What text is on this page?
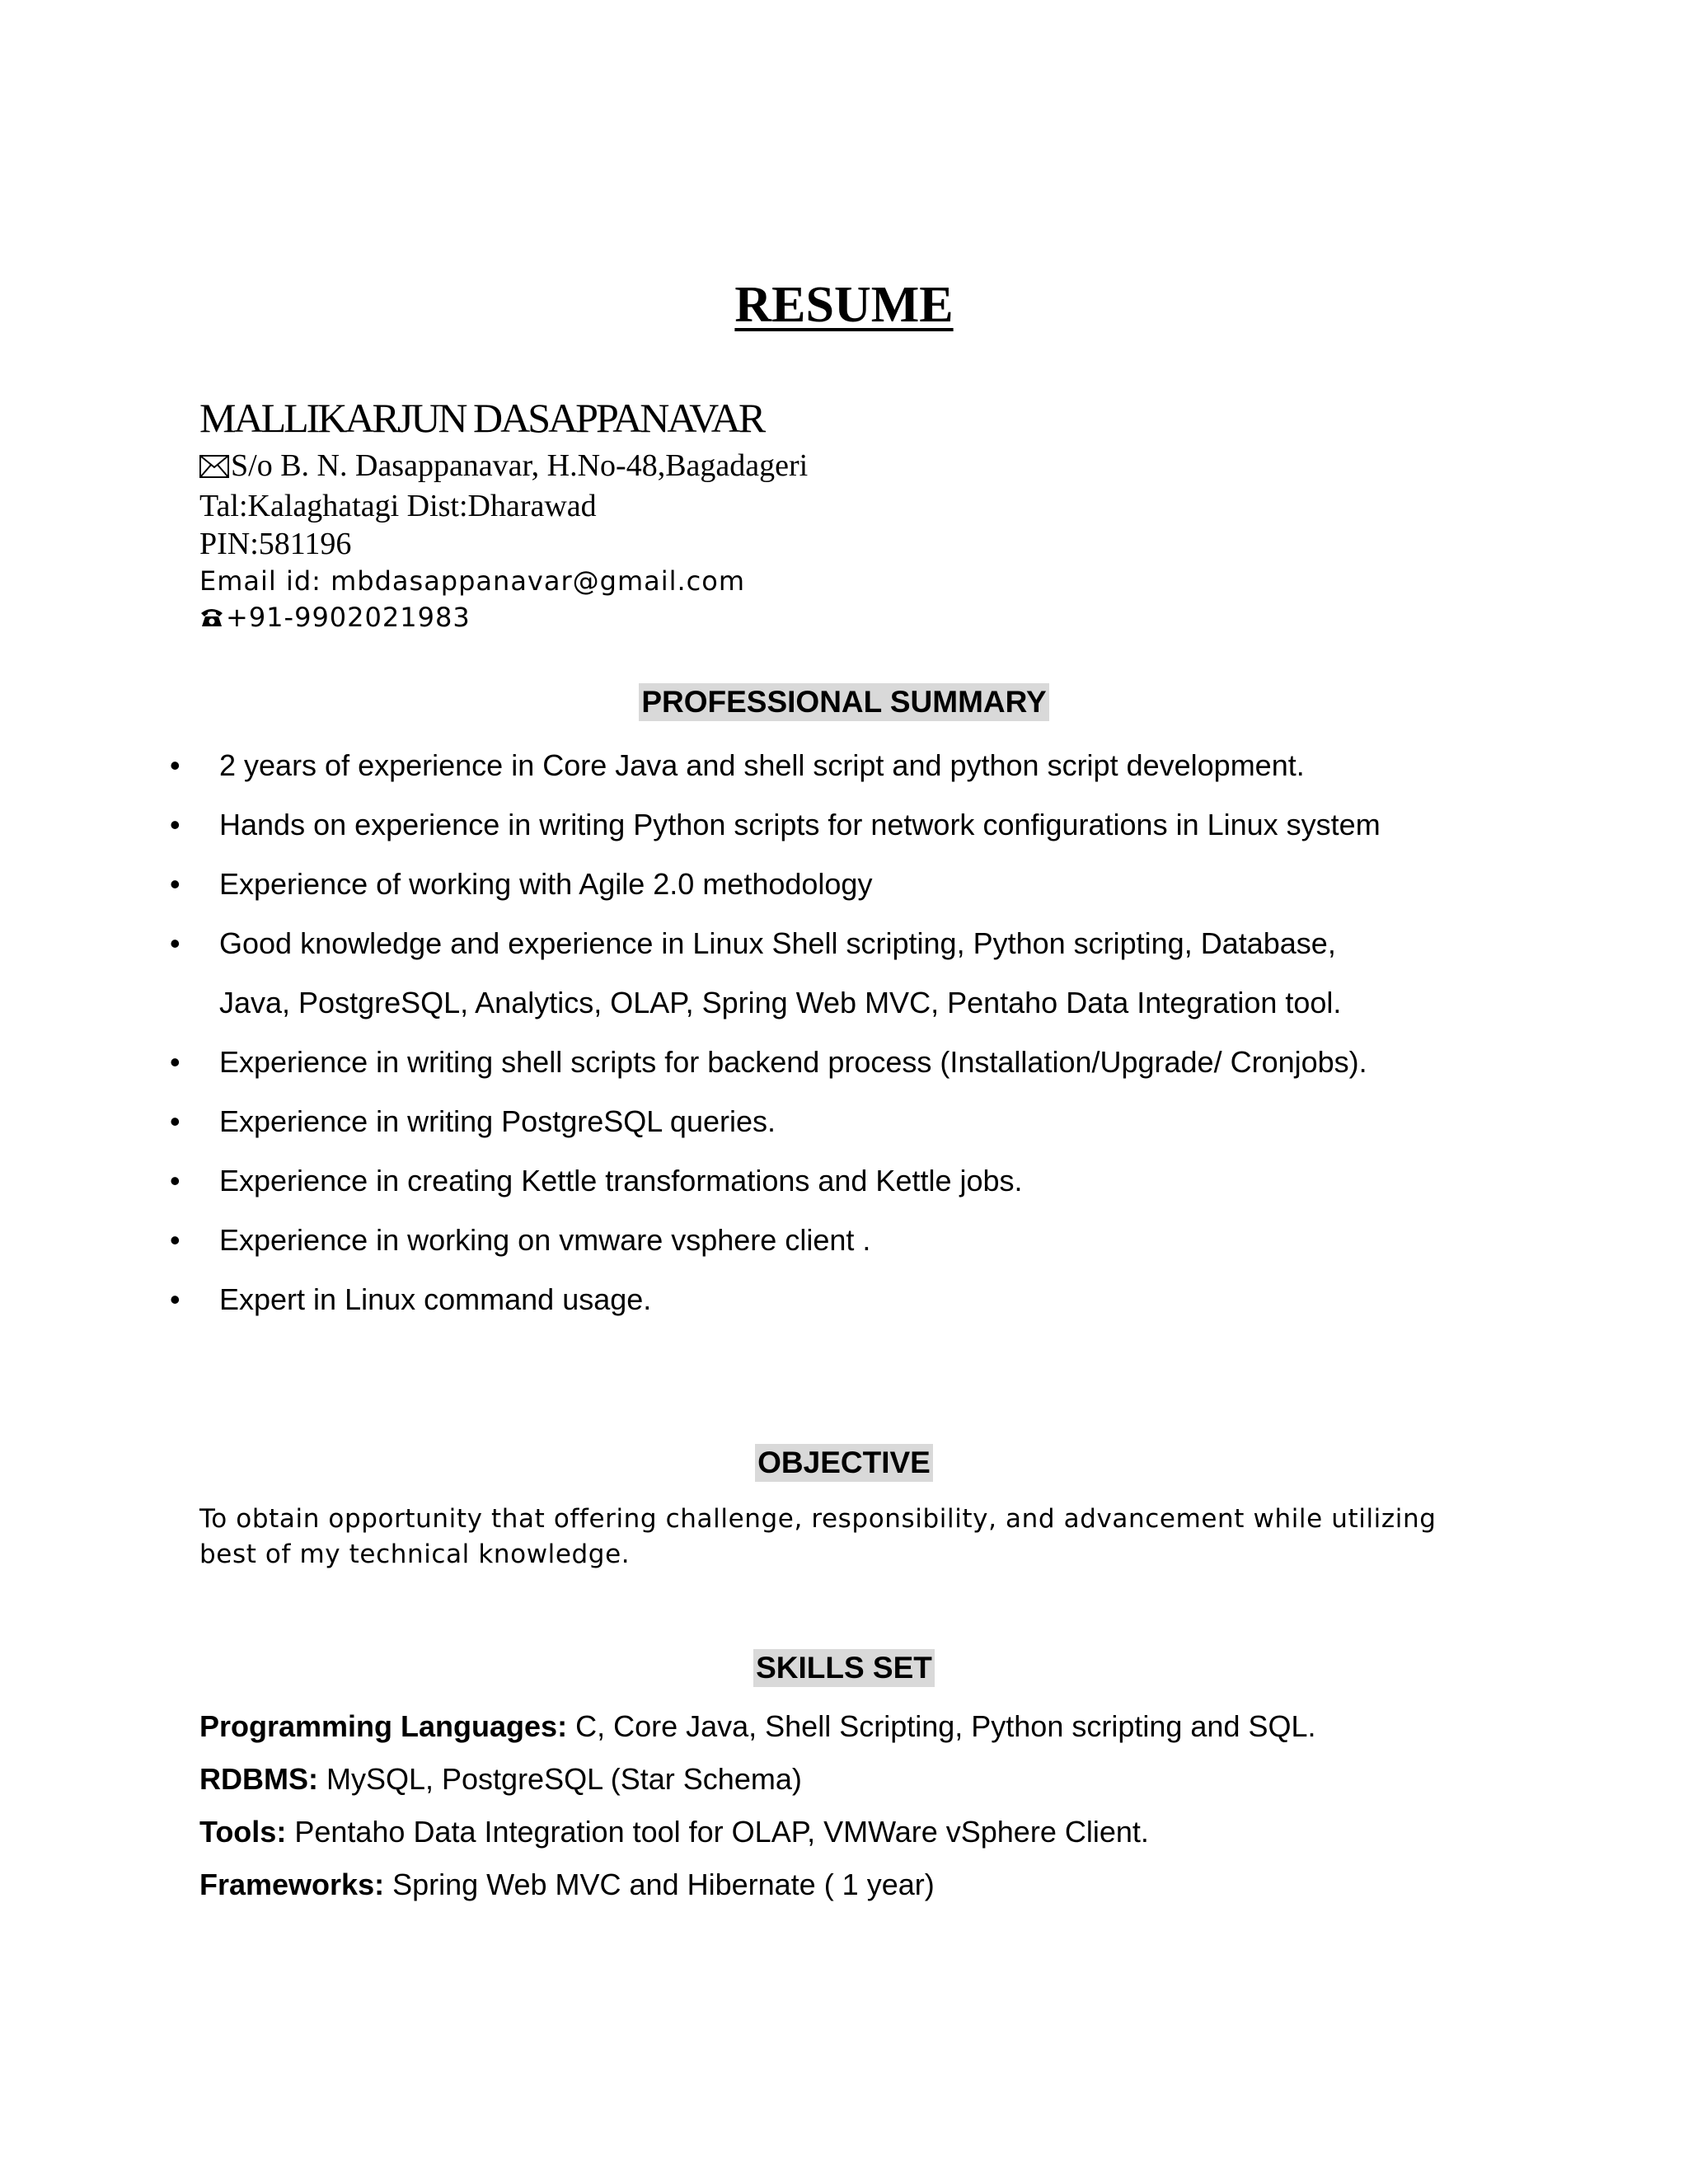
RESUME
MALLIKARJUN DASAPPANAVAR
S/o B. N. Dasappanavar, H.No-48,Bagadageri
Tal:Kalaghatagi Dist:Dharawad
PIN:581196
Email id: mbdasappanavar@gmail.com
+91-9902021983
PROFESSIONAL SUMMARY
• 2 years of experience in Core Java and shell script and python script development.
• Hands on experience in writing Python scripts for network configurations in Linux system
• Experience of working with Agile 2.0 methodology
• Good knowledge and experience in Linux Shell scripting, Python scripting, Database,
Java, PostgreSQL, Analytics, OLAP, Spring Web MVC, Pentaho Data Integration tool.
• Experience in writing shell scripts for backend process (Installation/Upgrade/ Cronjobs).
• Experience in writing PostgreSQL queries.
• Experience in creating Kettle transformations and Kettle jobs.
• Experience in working on vmware vsphere client .
• Expert in Linux command usage.
OBJECTIVE
To obtain opportunity that offering challenge, responsibility, and advancement while utilizing
best of my technical knowledge.
SKILLS SET
Programming Languages: C, Core Java, Shell Scripting, Python scripting and SQL.
RDBMS: MySQL, PostgreSQL (Star Schema)
Tools: Pentaho Data Integration tool for OLAP, VMWare vSphere Client.
Frameworks: Spring Web MVC and Hibernate ( 1 year)
